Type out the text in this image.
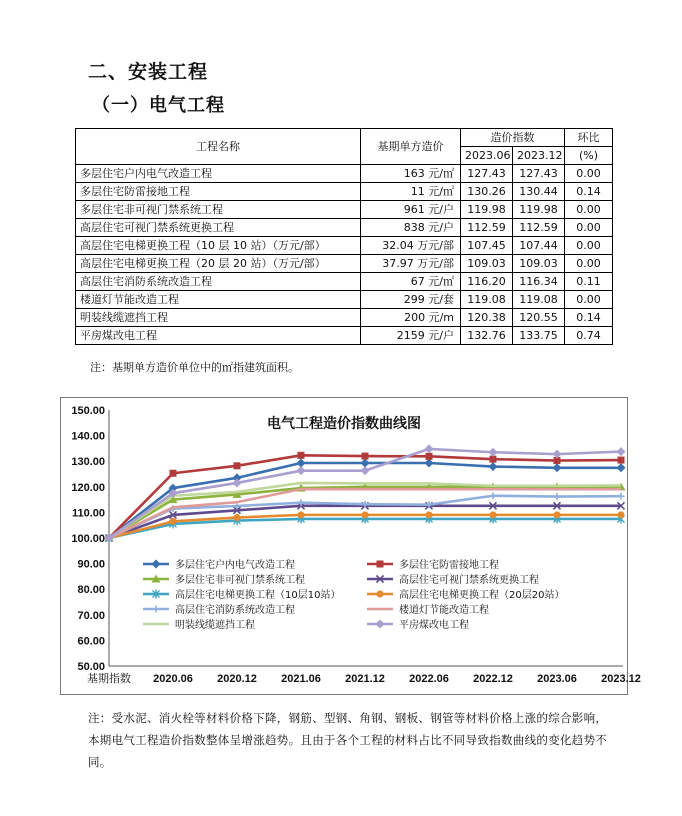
二、安装工程
（一）电气工程
工程名称	基期单方造价	造价指数		环比
		2023.06	2023.12	(%)
多层住宅户内电气改造工程	163 元/㎡	127.43	127.43	0.00
多层住宅防雷接地工程	11 元/㎡	130.26	130.44	0.14
多层住宅非可视门禁系统工程	961 元/户	119.98	119.98	0.00
高层住宅可视门禁系统更换工程	838 元/户	112.59	112.59	0.00
高层住宅电梯更换工程（10 层 10 站）（万元/部）	32.04 万元/部	107.45	107.44	0.00
高层住宅电梯更换工程（20 层 20 站）（万元/部）	37.97 万元/部	109.03	109.03	0.00
高层住宅消防系统改造工程	67 元/㎡	116.20	116.34	0.11
楼道灯节能改造工程	299 元/套	119.08	119.08	0.00
明装线缆遮挡工程	200 元/m	120.38	120.55	0.14
平房煤改电工程	2159 元/户	132.76	133.75	0.74
注：基期单方造价单位中的㎡指建筑面积。
150.00
140.00
130.00
120.00
110.00
100.00
90.00
80.00
70.00
60.00
50.00
基期指数 2020.06 2020.12 2021.06 2021.12 2022.06 2022.12 2023.06 2023.12
电气工程造价指数曲线图
多层住宅户内电气改造工程	多层住宅防雷接地工程
多层住宅非可视门禁系统工程	高层住宅可视门禁系统更换工程
高层住宅电梯更换工程（10层10站）	高层住宅电梯更换工程（20层20站）
高层住宅消防系统改造工程	楼道灯节能改造工程
明装线缆遮挡工程	平房煤改电工程
注：受水泥、消火栓等材料价格下降，钢筋、型钢、角钢、钢板、钢管等材料价格上涨的综合影响，本期电气工程造价指数整体呈增涨趋势。且由于各个工程的材料占比不同导致指数曲线的变化趋势不同。
